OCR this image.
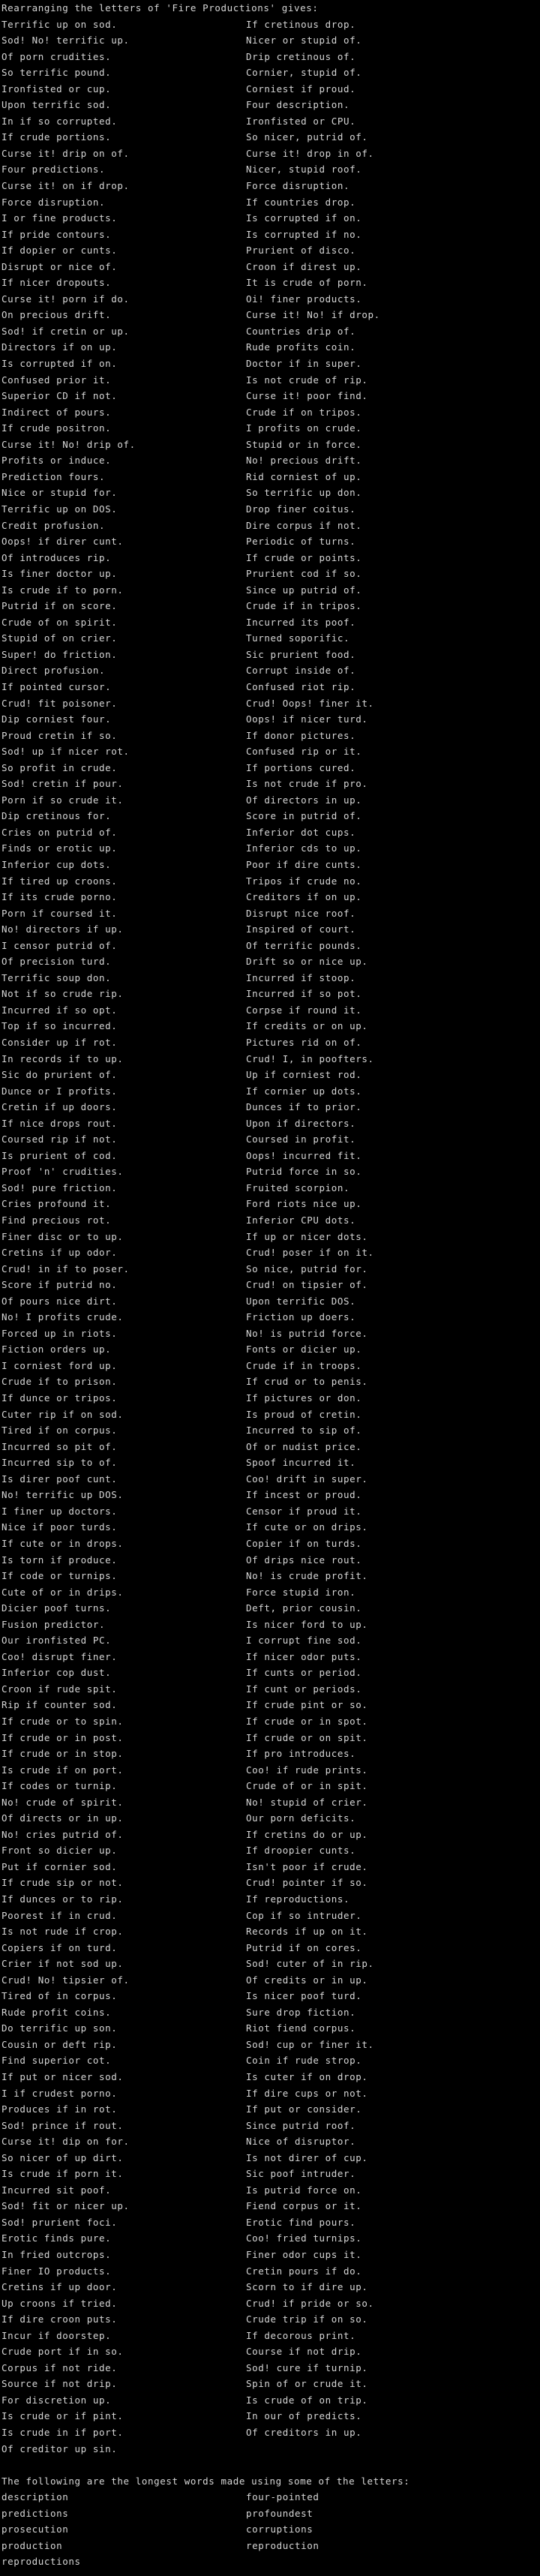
Rearranging the letters of 'Fire Productions' gives:
Terrific up on sod.
Sod! No! terrific up.
Of porn crudities.
So terrific pound.
Ironfisted or cup.
Upon terrific sod.
In if so corrupted.
If crude portions.
Curse it! drip on of.
Four predictions.
Curse it! on if drop.
Force disruption.
I or fine products.
If pride contours.
If dopier or cunts.
Disrupt or nice of.
If nicer dropouts.
Curse it! porn if do.
On precious drift.
Sod! if cretin or up.
Directors if on up.
Is corrupted if on.
Confused prior it.
Superior CD if not.
Indirect of pours.
If crude positron.
Curse it! No! drip of.
Profits or induce.
Prediction fours.
Nice or stupid for.
Terrific up on DOS.
Credit profusion.
Oops! if direr cunt.
Of introduces rip.
Is finer doctor up.
Is crude if to porn.
Putrid if on score.
Crude of on spirit.
Stupid of on crier.
Super! do friction.
Direct profusion.
If pointed cursor.
Crud! fit poisoner.
Dip corniest four.
Proud cretin if so.
Sod! up if nicer rot.
So profit in crude.
Sod! cretin if pour.
Porn if so crude it.
Dip cretinous for.
Cries on putrid of.
Finds or erotic up.
Inferior cup dots.
If tired up croons.
If its crude porno.
Porn if coursed it.
No! directors if up.
I censor putrid of.
Of precision turd.
Terrific soup don.
Not if so crude rip.
Incurred if so opt.
Top if so incurred.
Consider up if rot.
In records if to up.
Sic do prurient of.
Dunce or I profits.
Cretin if up doors.
If nice drops rout.
Coursed rip if not.
Is prurient of cod.
Proof 'n' crudities.
Sod! pure friction.
Cries profound it.
Find precious rot.
Finer disc or to up.
Cretins if up odor.
Crud! in if to poser.
Score if putrid no.
Of pours nice dirt.
No! I profits crude.
Forced up in riots.
Fiction orders up.
I corniest ford up.
Crude if to prison.
If dunce or tripos.
Cuter rip if on sod.
Tired if on corpus.
Incurred so pit of.
Incurred sip to of.
Is direr poof cunt.
No! terrific up DOS.
I finer up doctors.
Nice if poor turds.
If cute or in drops.
Is torn if produce.
If code or turnips.
Cute of or in drips.
Dicier poof turns.
Fusion predictor.
Our ironfisted PC.
Coo! disrupt finer.
Inferior cop dust.
Croon if rude spit.
Rip if counter sod.
If crude or to spin.
If crude or in post.
If crude or in stop.
Is crude if on port.
If codes or turnip.
No! crude of spirit.
Of directs or in up.
No! cries putrid of.
Front so dicier up.
Put if cornier sod.
If crude sip or not.
If dunces or to rip.
Poorest if in crud.
Is not rude if crop.
Copiers if on turd.
Crier if not sod up.
Crud! No! tipsier of.
Tired of in corpus.
Rude profit coins.
Do terrific up son.
Cousin or deft rip.
Find superior cot.
If put or nicer sod.
I if crudest porno.
Produces if in rot.
Sod! prince if rout.
Curse it! dip on for.
So nicer of up dirt.
Is crude if porn it.
Incurred sit poof.
Sod! fit or nicer up.
Sod! prurient foci.
Erotic finds pure.
In fried outcrops.
Finer IO products.
Cretins if up door.
Up croons if tried.
If dire croon puts.
Incur if doorstep.
Crude port if in so.
Corpus if not ride.
Source if not drip.
For discretion up.
Is crude or if pint.
Is crude in if port.
Of creditor up sin.
If cretinous drop.
Nicer or stupid of.
Drip cretinous of.
Cornier, stupid of.
Corniest if proud.
Four description.
Ironfisted or CPU.
So nicer, putrid of.
Curse it! drop in of.
Nicer, stupid roof.
Force disruption.
If countries drop.
Is corrupted if on.
Is corrupted if no.
Prurient of disco.
Croon if direst up.
It is crude of porn.
Oi! finer products.
Curse it! No! if drop.
Countries drip of.
Rude profits coin.
Doctor if in super.
Is not crude of rip.
Curse it! poor find.
Crude if on tripos.
I profits on crude.
Stupid or in force.
No! precious drift.
Rid corniest of up.
So terrific up don.
Drop finer coitus.
Dire corpus if not.
Periodic of turns.
If crude or points.
Prurient cod if so.
Since up putrid of.
Crude if in tripos.
Incurred its poof.
Turned soporific.
Sic prurient food.
Corrupt inside of.
Confused riot rip.
Crud! Oops! finer it.
Oops! if nicer turd.
If donor pictures.
Confused rip or it.
If portions cured.
Is not crude if pro.
Of directors in up.
Score in putrid of.
Inferior dot cups.
Inferior cds to up.
Poor if dire cunts.
Tripos if crude no.
Creditors if on up.
Disrupt nice roof.
Inspired of court.
Of terrific pounds.
Drift so or nice up.
Incurred if stoop.
Incurred if so pot.
Corpse if round it.
If credits or on up.
Pictures rid on of.
Crud! I, in poofters.
Up if corniest rod.
If cornier up dots.
Dunces if to prior.
Upon if directors.
Coursed in profit.
Oops! incurred fit.
Putrid force in so.
Fruited scorpion.
Ford riots nice up.
Inferior CPU dots.
If up or nicer dots.
Crud! poser if on it.
So nice, putrid for.
Crud! on tipsier of.
Upon terrific DOS.
Friction up doers.
No! is putrid force.
Fonts or dicier up.
Crude if in troops.
If crud or to penis.
If pictures or don.
Is proud of cretin.
Incurred to sip of.
Of or nudist price.
Spoof incurred it.
Coo! drift in super.
If incest or proud.
Censor if proud it.
If cute or on drips.
Copier if on turds.
Of drips nice rout.
No! is crude profit.
Force stupid iron.
Deft, prior cousin.
Is nicer ford to up.
I corrupt fine sod.
If nicer odor puts.
If cunts or period.
If cunt or periods.
If crude pint or so.
If crude or in spot.
If crude or on spit.
If pro introduces.
Coo! if rude prints.
Crude of or in spit.
No! stupid of crier.
Our porn deficits.
If cretins do or up.
If droopier cunts.
Isn't poor if crude.
Crud! pointer if so.
If reproductions.
Cop if so intruder.
Records if up on it.
Putrid if on cores.
Sod! cuter of in rip.
Of credits or in up.
Is nicer poof turd.
Sure drop fiction.
Riot fiend corpus.
Sod! cup or finer it.
Coin if rude strop.
Is cuter if on drop.
If dire cups or not.
If put or consider.
Since putrid roof.
Nice of disruptor.
Is not direr of cup.
Sic poof intruder.
Is putrid force on.
Fiend corpus or it.
Erotic find pours.
Coo! fried turnips.
Finer odor cups it.
Cretin pours if do.
Scorn to if dire up.
Crud! if pride or so.
Crude trip if on so.
If decorous print.
Course if not drip.
Sod! cure if turnip.
Spin of or crude it.
Is crude of on trip.
In our of predicts.
Of creditors in up.
The following are the longest words made using some of the letters:
description	four-pointed
predictions	profoundest
prosecution	corruptions
production	reproduction
reproductions
